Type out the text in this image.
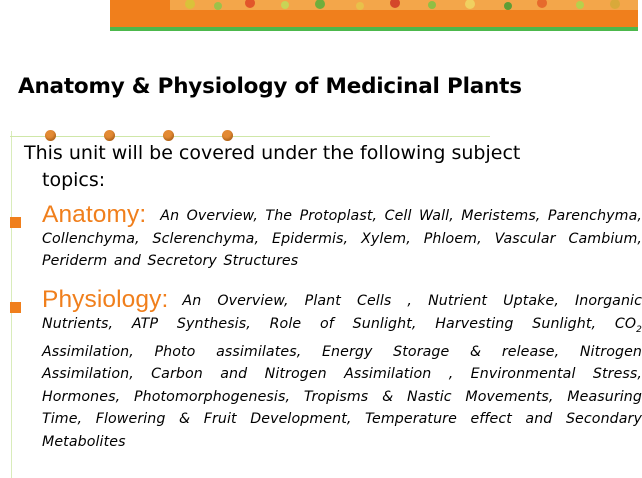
Anatomy & Physiology of Medicinal Plants
This unit will be covered under the following subject
topics:
Anatomy: An Overview, The Protoplast, Cell Wall, Meristems, Parenchyma, Collenchyma, Sclerenchyma, Epidermis, Xylem, Phloem, Vascular Cambium, Periderm and Secretory Structures
Physiology: An Overview, Plant Cells , Nutrient Uptake, Inorganic Nutrients, ATP Synthesis, Role of Sunlight, Harvesting Sunlight, $CO_2$ Assimilation, Photo assimilates, Energy Storage & release, Nitrogen Assimilation, Carbon and Nitrogen Assimilation , Environmental Stress, Hormones, Photomorphogenesis, Tropisms & Nastic Movements, Measuring Time, Flowering & Fruit Development, Temperature effect and Secondary Metabolites
